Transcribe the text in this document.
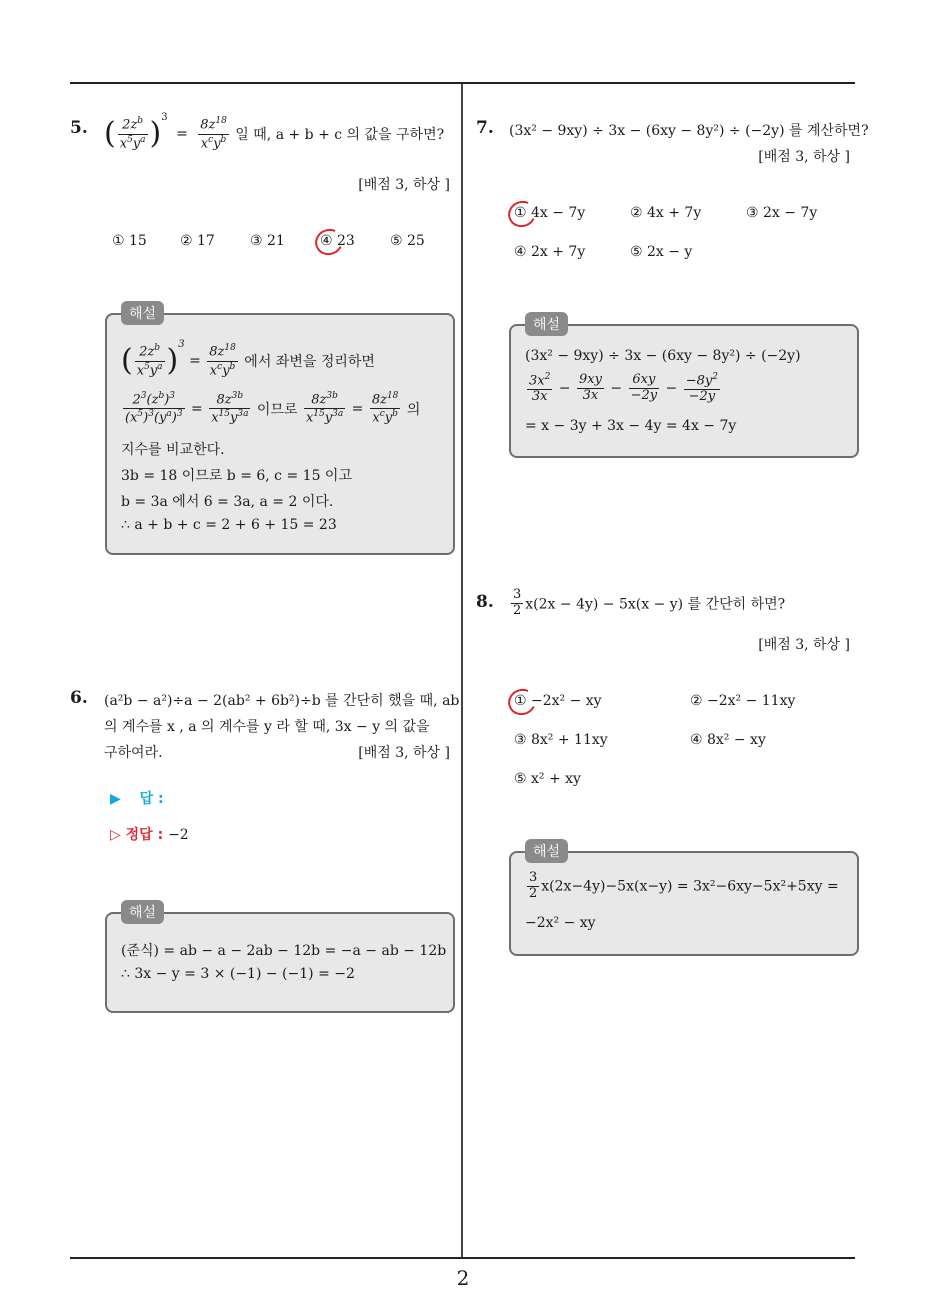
2
5. ( $\frac{2z^b}{x^5y^a} )^3 = \frac{8z^{18}}{x^cy^b}$ 일 때, a + b + c 의 값을 구하면?
[배점 3, 하상 ]
① 15 ② 17	③ 21	④ 23	⑤ 25
해설
( $\frac{2z^b}{x^5y^a} )^3 = \frac{8z^{18}}{x^cy^b}$ 에서 좌변을 정리하면
$\frac{2^3(z^b)^3}{(x^5)^3(y^a)^3} = \frac{8z^{3b}}{x^{15}y^{3a}}$ 이므로 $\frac{8z^{3b}}{x^{15}y^{3a}} = \frac{8z^{18}}{x^cy^b}$ 의
지수를 비교한다.
3b = 18 이므로 b = 6, c = 15 이고
b = 3a 에서 6 = 3a, a = 2 이다.
∴ a + b + c = 2 + 6 + 15 = 23
6. (a²b − a²)÷a − 2(ab² + 6b²)÷b 를 간단히 했을 때, ab
의 계수를 x , a 의 계수를 y 라 할 때, 3x − y 의 값을
구하여라.	[배점 3, 하상 ]
▶ 답 :
▷ 정답 : −2
해설
(준식) = ab − a − 2ab − 12b = −a − ab − 12b
∴ 3x − y = 3 × (−1) − (−1) = −2
7. (3x² − 9xy) ÷ 3x − (6xy − 8y²) ÷ (−2y) 를 계산하면?
[배점 3, 하상 ]
① 4x − 7y	② 4x + 7y	③ 2x − 7y
④ 2x + 7y	⑤ 2x − y
해설
(3x² − 9xy) ÷ 3x − (6xy − 8y²) ÷ (−2y)
$\frac{3x^2}{3x} - \frac{9xy}{3x} - \frac{6xy}{-2y} - \frac{-8y^2}{-2y}$
= x − 3y + 3x − 4y = 4x − 7y
8. $\frac{3}{2} x(2x - 4y) - 5x(x - y)$ 를 간단히 하면?
[배점 3, 하상 ]
① −2x² − xy	② −2x² − 11xy
③ 8x² + 11xy	④ 8x² − xy
⑤ x² + xy
해설
$\frac{3}{2} x(2x-4y)-5x(x-y) = 3x^2-6xy-5x^2+5xy$ =
−2x² − xy
